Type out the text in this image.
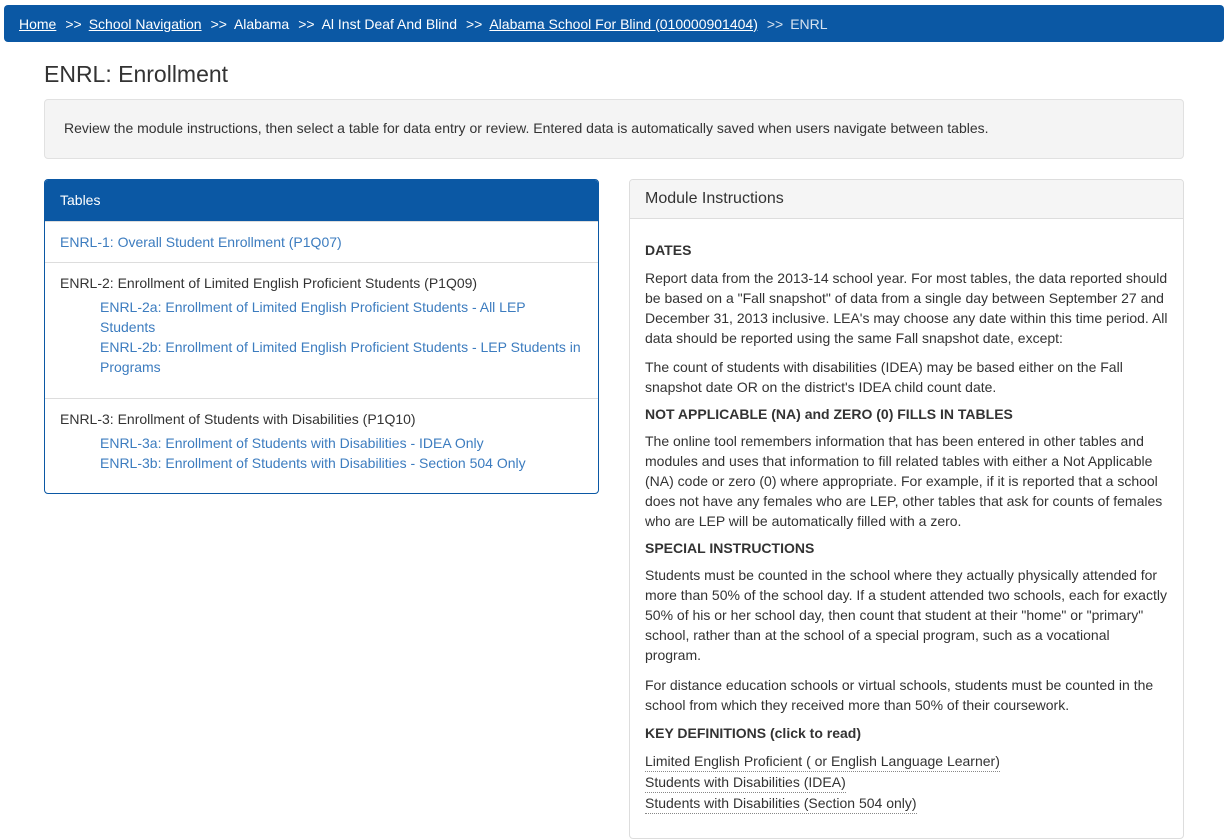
Home >> School Navigation >> Alabama >> Al Inst Deaf And Blind >> Alabama School For Blind (010000901404) >> ENRL
ENRL: Enrollment
Review the module instructions, then select a table for data entry or review. Entered data is automatically saved when users navigate between tables.
Tables
ENRL-1: Overall Student Enrollment (P1Q07)
ENRL-2: Enrollment of Limited English Proficient Students (P1Q09)
ENRL-2a: Enrollment of Limited English Proficient Students - All LEP Students
ENRL-2b: Enrollment of Limited English Proficient Students - LEP Students in Programs
ENRL-3: Enrollment of Students with Disabilities (P1Q10)
ENRL-3a: Enrollment of Students with Disabilities - IDEA Only
ENRL-3b: Enrollment of Students with Disabilities - Section 504 Only
Module Instructions
DATES

Report data from the 2013-14 school year. For most tables, the data reported should be based on a "Fall snapshot" of data from a single day between September 27 and December 31, 2013 inclusive. LEA's may choose any date within this time period. All data should be reported using the same Fall snapshot date, except:

The count of students with disabilities (IDEA) may be based either on the Fall snapshot date OR on the district's IDEA child count date.

NOT APPLICABLE (NA) and ZERO (0) FILLS IN TABLES

The online tool remembers information that has been entered in other tables and modules and uses that information to fill related tables with either a Not Applicable (NA) code or zero (0) where appropriate. For example, if it is reported that a school does not have any females who are LEP, other tables that ask for counts of females who are LEP will be automatically filled with a zero.

SPECIAL INSTRUCTIONS

Students must be counted in the school where they actually physically attended for more than 50% of the school day. If a student attended two schools, each for exactly 50% of his or her school day, then count that student at their "home" or "primary" school, rather than at the school of a special program, such as a vocational program.

For distance education schools or virtual schools, students must be counted in the school from which they received more than 50% of their coursework.

KEY DEFINITIONS (click to read)
Limited English Proficient ( or English Language Learner)
Students with Disabilities (IDEA)
Students with Disabilities (Section 504 only)
